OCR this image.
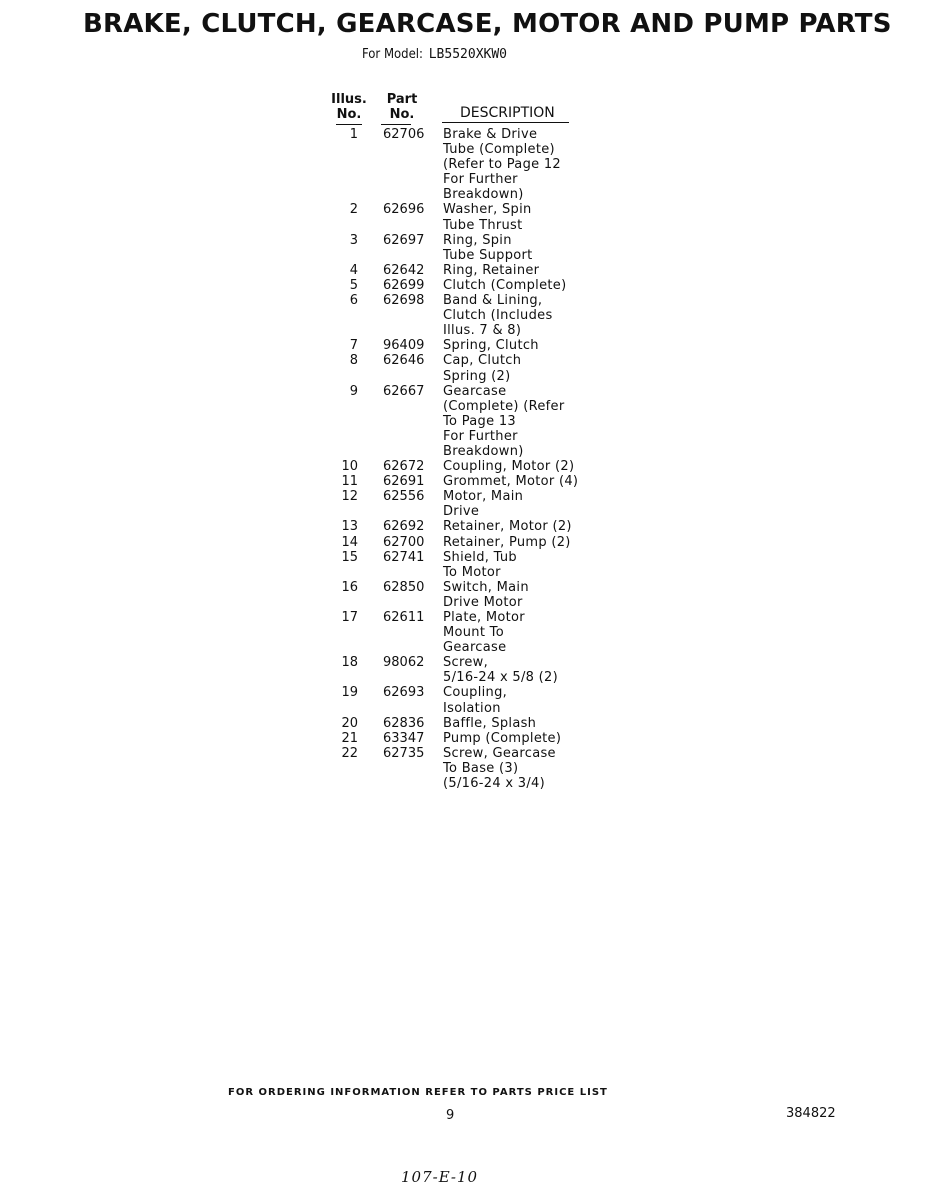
BRAKE, CLUTCH, GEARCASE, MOTOR AND PUMP PARTS
For Model: LB5520XKW0
Illus.
No.
Part
No.	DESCRIPTION
1 62706	Brake & Drive
Tube (Complete)
(Refer to Page 12
For Further
Breakdown)
2 62696	Washer, Spin
Tube Thrust
3 62697	Ring, Spin
Tube Support
4 62642	Ring, Retainer
5 62699	Clutch (Complete)
6 62698	Band & Lining,
Clutch (Includes
Illus. 7 & 8)
7 96409	Spring, Clutch
8 62646	Cap, Clutch
Spring (2)
9 62667	Gearcase
(Complete) (Refer
To Page 13
For Further
Breakdown)
10 62672	Coupling, Motor (2)
11 62691	Grommet, Motor (4)
12 62556	Motor, Main
Drive
13 62692	Retainer, Motor (2)
14 62700	Retainer, Pump (2)
15 62741	Shield, Tub
To Motor
16 62850	Switch, Main
Drive Motor
17 62611	Plate, Motor
Mount To
Gearcase
18 98062	Screw,
5/16-24 x 5/8 (2)
19 62693	Coupling,
Isolation
20 62836	Baffle, Splash
21 63347	Pump (Complete)
22 62735	Screw, Gearcase
To Base (3)
(5/16-24 x 3/4)
FOR ORDERING INFORMATION REFER TO PARTS PRICE LIST
9	384822
107-E-10
